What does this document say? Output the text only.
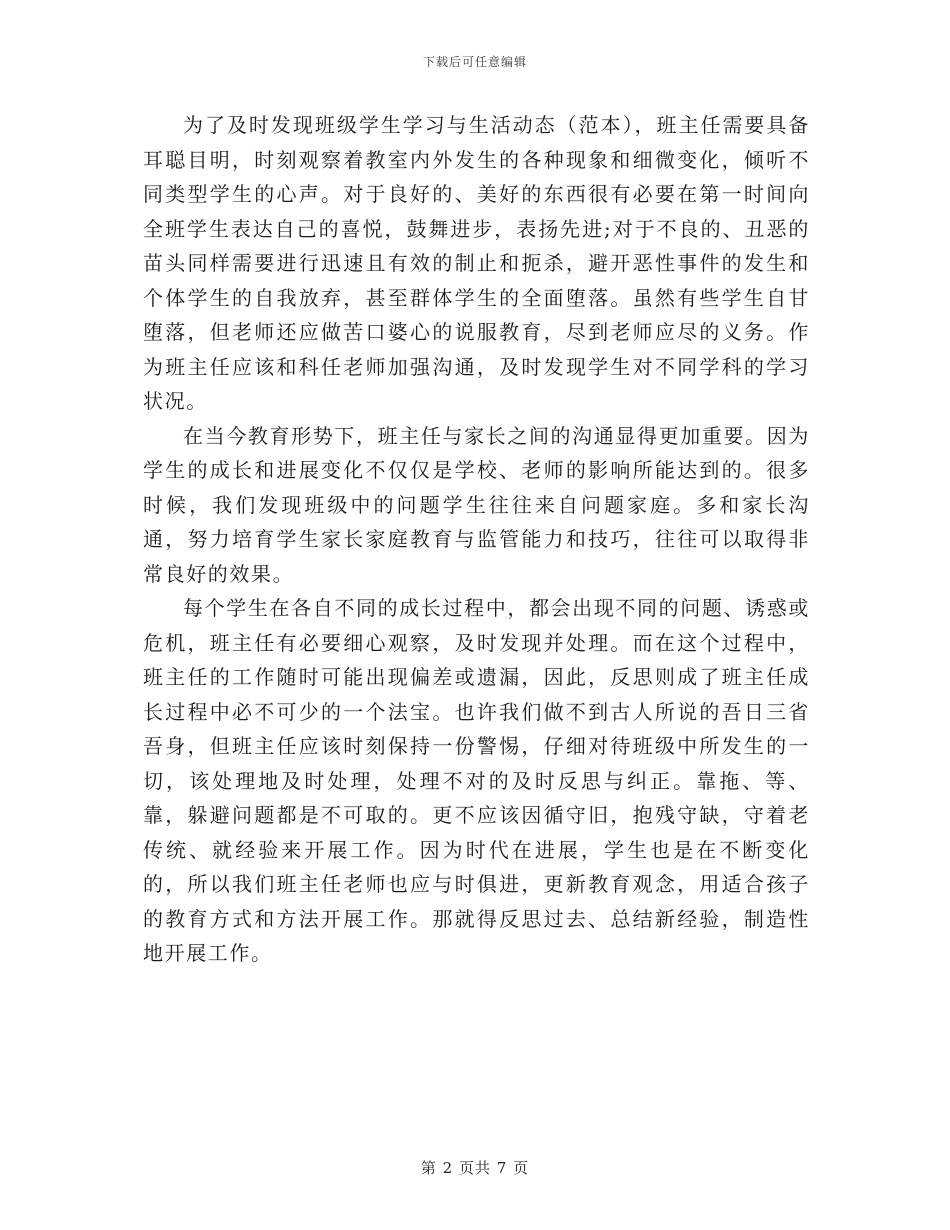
下载后可任意编辑

为了及时发现班级学生学习与生活动态（范本），班主任需要具备耳聪目明，时刻观察着教室内外发生的各种现象和细微变化，倾听不同类型学生的心声。对于良好的、美好的东西很有必要在第一时间向全班学生表达自己的喜悦，鼓舞进步，表扬先进;对于不良的、丑恶的苗头同样需要进行迅速且有效的制止和扼杀，避开恶性事件的发生和个体学生的自我放弃，甚至群体学生的全面堕落。虽然有些学生自甘堕落，但老师还应做苦口婆心的说服教育，尽到老师应尽的义务。作为班主任应该和科任老师加强沟通，及时发现学生对不同学科的学习状况。

在当今教育形势下，班主任与家长之间的沟通显得更加重要。因为学生的成长和进展变化不仅仅是学校、老师的影响所能达到的。很多时候，我们发现班级中的问题学生往往来自问题家庭。多和家长沟通，努力培育学生家长家庭教育与监管能力和技巧，往往可以取得非常良好的效果。

每个学生在各自不同的成长过程中，都会出现不同的问题、诱惑或危机，班主任有必要细心观察，及时发现并处理。而在这个过程中，班主任的工作随时可能出现偏差或遗漏，因此，反思则成了班主任成长过程中必不可少的一个法宝。也许我们做不到古人所说的吾日三省吾身，但班主任应该时刻保持一份警惕，仔细对待班级中所发生的一切，该处理地及时处理，处理不对的及时反思与纠正。靠拖、等、靠，躲避问题都是不可取的。更不应该因循守旧，抱残守缺，守着老传统、就经验来开展工作。因为时代在进展，学生也是在不断变化的，所以我们班主任老师也应与时俱进，更新教育观念，用适合孩子的教育方式和方法开展工作。那就得反思过去、总结新经验，制造性地开展工作。

第 2 页共 7 页
